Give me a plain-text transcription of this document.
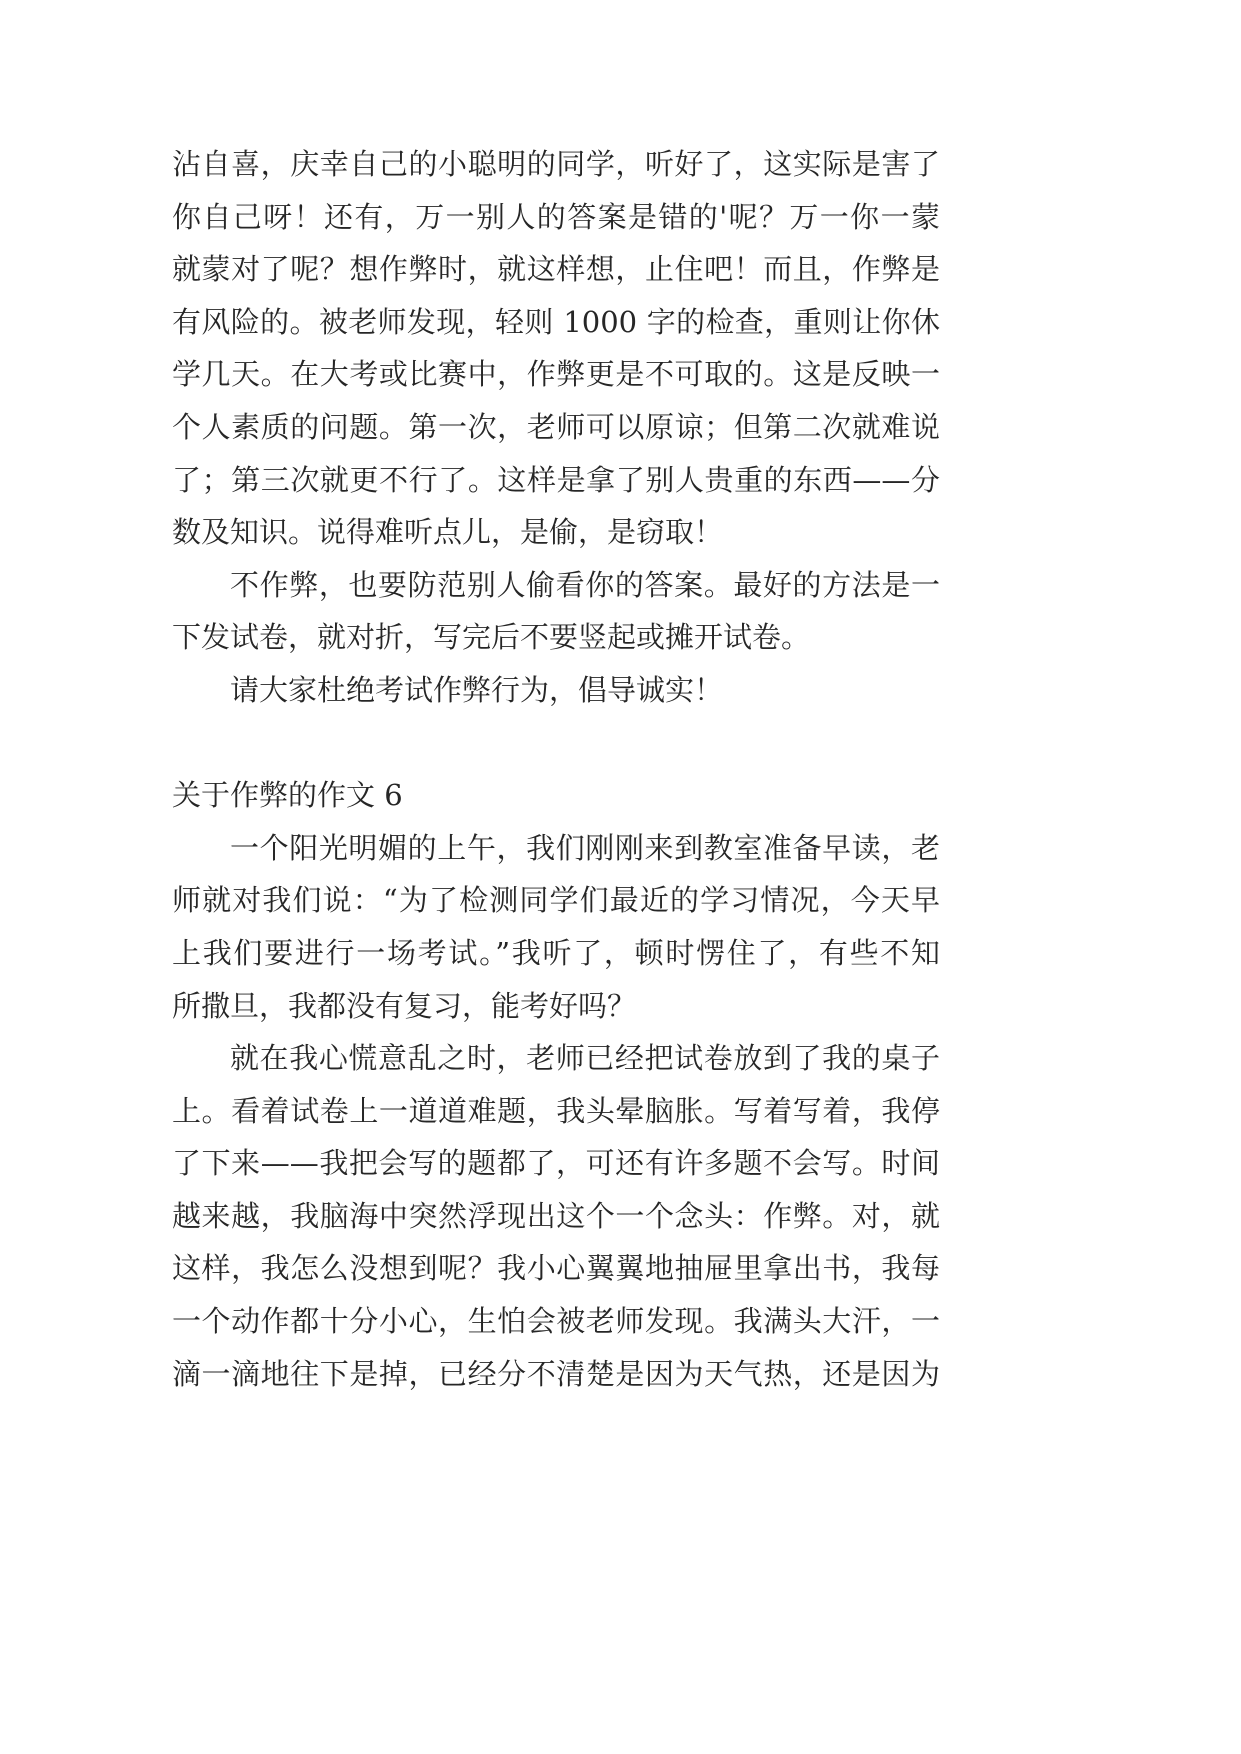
沾自喜，庆幸自己的小聪明的同学，听好了，这实际是害了
你自己呀！还有，万一别人的答案是错的'呢？万一你一蒙
就蒙对了呢？想作弊时，就这样想，止住吧！而且，作弊是
有风险的。被老师发现，轻则 1000 字的检查，重则让你休
学几天。在大考或比赛中，作弊更是不可取的。这是反映一
个人素质的问题。第一次，老师可以原谅；但第二次就难说
了；第三次就更不行了。这样是拿了别人贵重的东西——分
数及知识。说得难听点儿，是偷，是窃取！
不作弊，也要防范别人偷看你的答案。最好的方法是一
下发试卷，就对折，写完后不要竖起或摊开试卷。
请大家杜绝考试作弊行为，倡导诚实！
关于作弊的作文 6
一个阳光明媚的上午，我们刚刚来到教室准备早读，老
师就对我们说：“为了检测同学们最近的学习情况，今天早
上我们要进行一场考试。”我听了，顿时愣住了，有些不知
所撒旦，我都没有复习，能考好吗？
就在我心慌意乱之时，老师已经把试卷放到了我的桌子
上。看着试卷上一道道难题，我头晕脑胀。写着写着，我停
了下来——我把会写的题都了，可还有许多题不会写。时间
越来越，我脑海中突然浮现出这个一个念头：作弊。对，就
这样，我怎么没想到呢？我小心翼翼地抽屉里拿出书，我每
一个动作都十分小心，生怕会被老师发现。我满头大汗，一
滴一滴地往下是掉，已经分不清楚是因为天气热，还是因为
